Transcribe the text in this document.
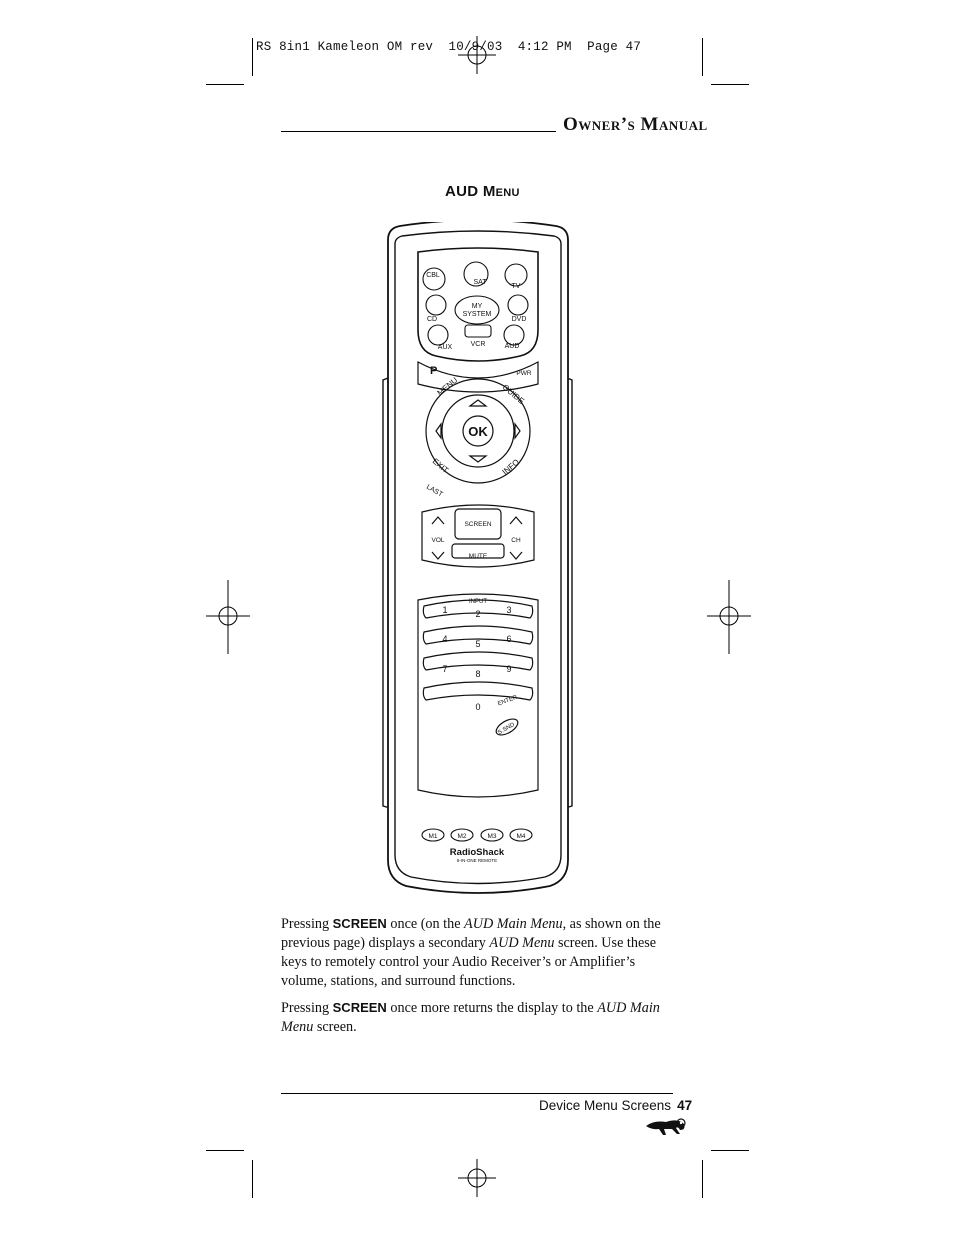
RS 8in1 Kameleon OM rev  10/9/03  4:12 PM  Page 47
Owner’s Manual
AUD Menu
CBL
SAT
TV
CD
MY
SYSTEM
DVD
AUX	VCR	AUD
P	PWR
OK
MENU	GUIDE
EXIT	INFO
LAST
SCREEN
VOL	CH
MUTE
1	2	3
4	5	6
7	8	9
0
INPUT
ENTER
S.SND
M1	M2	M3	M4
RadioShack
8-IN-ONE REMOTE
Pressing SCREEN once (on the AUD Main Menu, as shown on the previous page) displays a secondary AUD Menu screen. Use these keys to remotely control your Audio Receiver’s or Amplifier’s volume, stations, and surround functions.
Pressing SCREEN once more returns the display to the AUD Main Menu screen.
Device Menu Screens 47
